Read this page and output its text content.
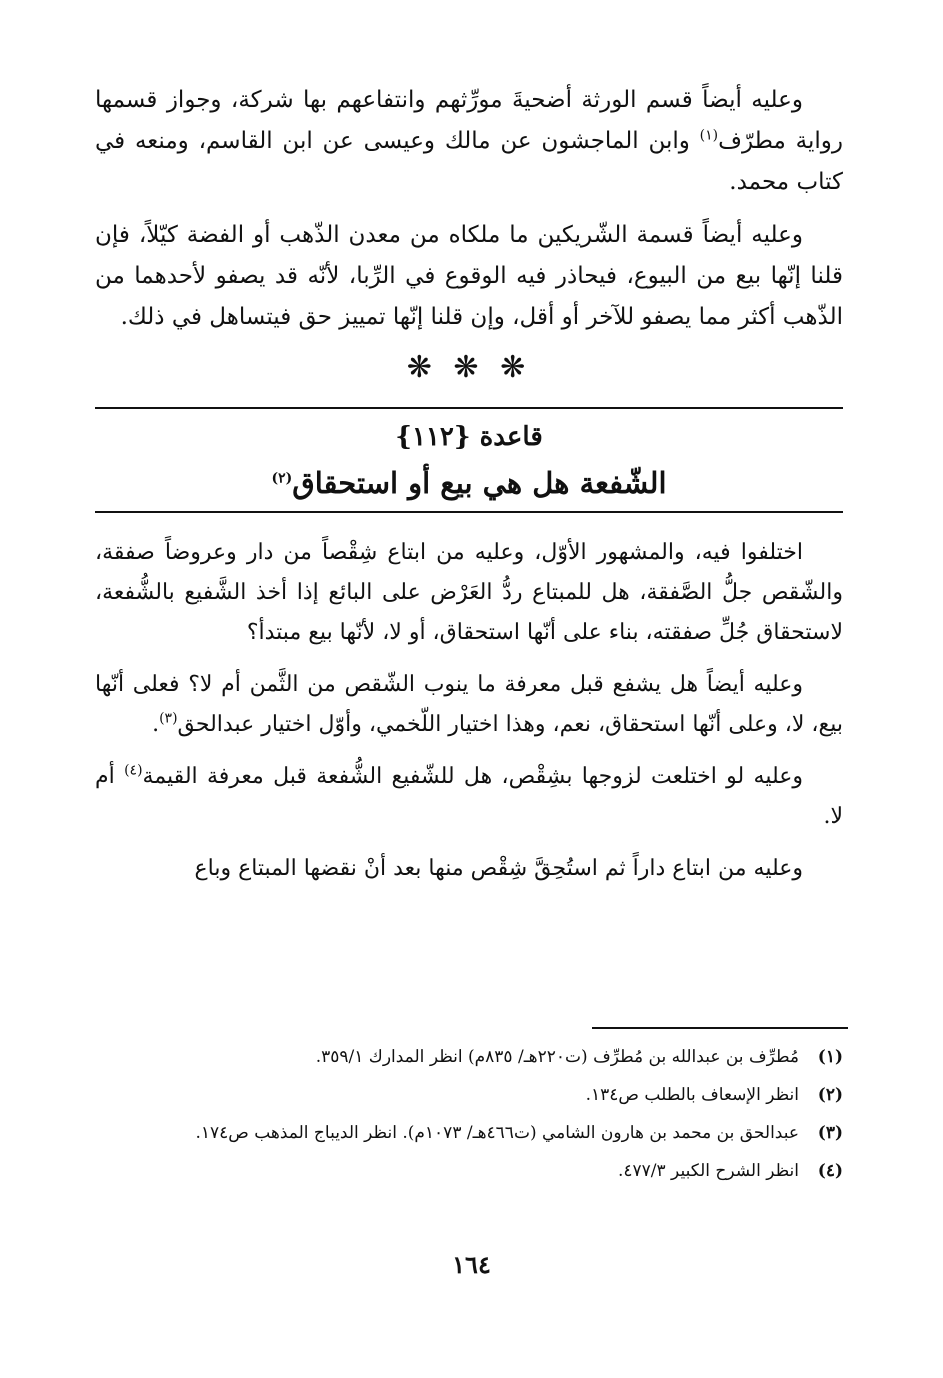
وعليه أيضاً قسم الورثة أضحيةَ مورِّثهم وانتفاعهم بها شركة، وجواز قسمها رواية مطرّف$^{(١)}$ وابن الماجشون عن مالك وعيسى عن ابن القاسم، ومنعه في كتاب محمد.

وعليه أيضاً قسمة الشّريكين ما ملكاه من معدن الذّهب أو الفضة كيّلاً، فإن قلنا إنّها بيع من البيوع، فيحاذر فيه الوقوع في الرِّبا، لأنّه قد يصفو لأحدهما من الذّهب أكثر مما يصفو للآخر أو أقل، وإن قلنا إنّها تمييز حق فيتساهل في ذلك.

❋ ❋ ❋
قاعدة {١١٢}
الشّفعة هل هي بيع أو استحقاق$^{(٢)}$

اختلفوا فيه، والمشهور الأوّل، وعليه من ابتاع شِقْصاً من دار وعروضاً صفقة، والشّقص جلُّ الصَّفقة، هل للمبتاع ردُّ العَرْض على البائع إذا أخذ الشَّفيع بالشُّفعة، لاستحقاق جُلِّ صفقته، بناء على أنّها استحقاق، أو لا، لأنّها بيع مبتدأ؟

وعليه أيضاً هل يشفع قبل معرفة ما ينوب الشّقص من الثَّمن أم لا؟ فعلى أنّها بيع، لا، وعلى أنّها استحقاق، نعم، وهذا اختيار اللّخمي، وأوّل اختيار عبدالحق$^{(٣)}$.

وعليه لو اختلعت لزوجها بشِقْص، هل للشّفيع الشُّفعة قبل معرفة القيمة$^{(٤)}$ أم لا.

وعليه من ابتاع داراً ثم استُحِقَّ شِقْص منها بعد أنْ نقضها المبتاع وباع

(١)
مُطرِّف بن عبدالله بن مُطرِّف (ت٢٢٠هـ/ ٨٣٥م) انظر المدارك ٣٥٩/١.
(٢)
انظر الإسعاف بالطلب ص١٣٤.
(٣)
عبدالحق بن محمد بن هارون الشامي (ت٤٦٦هـ/ ١٠٧٣م). انظر الديباج المذهب ص١٧٤.
(٤)
انظر الشرح الكبير ٤٧٧/٣.
١٦٤
